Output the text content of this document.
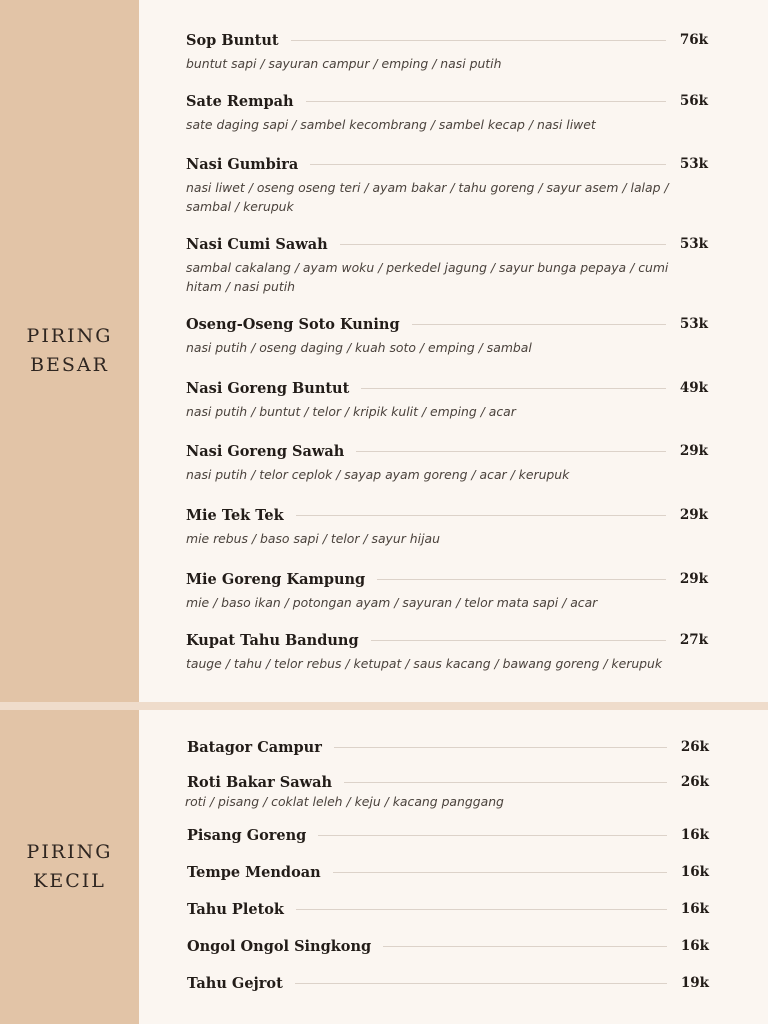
PIRING
BESAR
Sop Buntut	76k
buntut sapi / sayuran campur / emping / nasi putih
Sate Rempah	56k
sate daging sapi / sambel kecombrang / sambel kecap / nasi liwet
Nasi Gumbira	53k
nasi liwet / oseng oseng teri / ayam bakar / tahu goreng / sayur asem / lalap / sambal / kerupuk
Nasi Cumi Sawah	53k
sambal cakalang / ayam woku / perkedel jagung / sayur bunga pepaya / cumi hitam / nasi putih
Oseng-Oseng Soto Kuning	53k
nasi putih / oseng daging / kuah soto / emping / sambal
Nasi Goreng Buntut	49k
nasi putih / buntut / telor / kripik kulit / emping / acar
Nasi Goreng Sawah	29k
nasi putih / telor ceplok / sayap ayam goreng / acar / kerupuk
Mie Tek Tek	29k
mie rebus / baso sapi / telor / sayur hijau
Mie Goreng Kampung	29k
mie / baso ikan / potongan ayam / sayuran / telor mata sapi / acar
Kupat Tahu Bandung	27k
tauge / tahu / telor rebus / ketupat / saus kacang / bawang goreng / kerupuk
PIRING
KECIL
Batagor Campur	26k
Roti Bakar Sawah	26k
roti / pisang / coklat leleh / keju / kacang panggang
Pisang Goreng	16k
Tempe Mendoan	16k
Tahu Pletok	16k
Ongol Ongol Singkong	16k
Tahu Gejrot	19k
